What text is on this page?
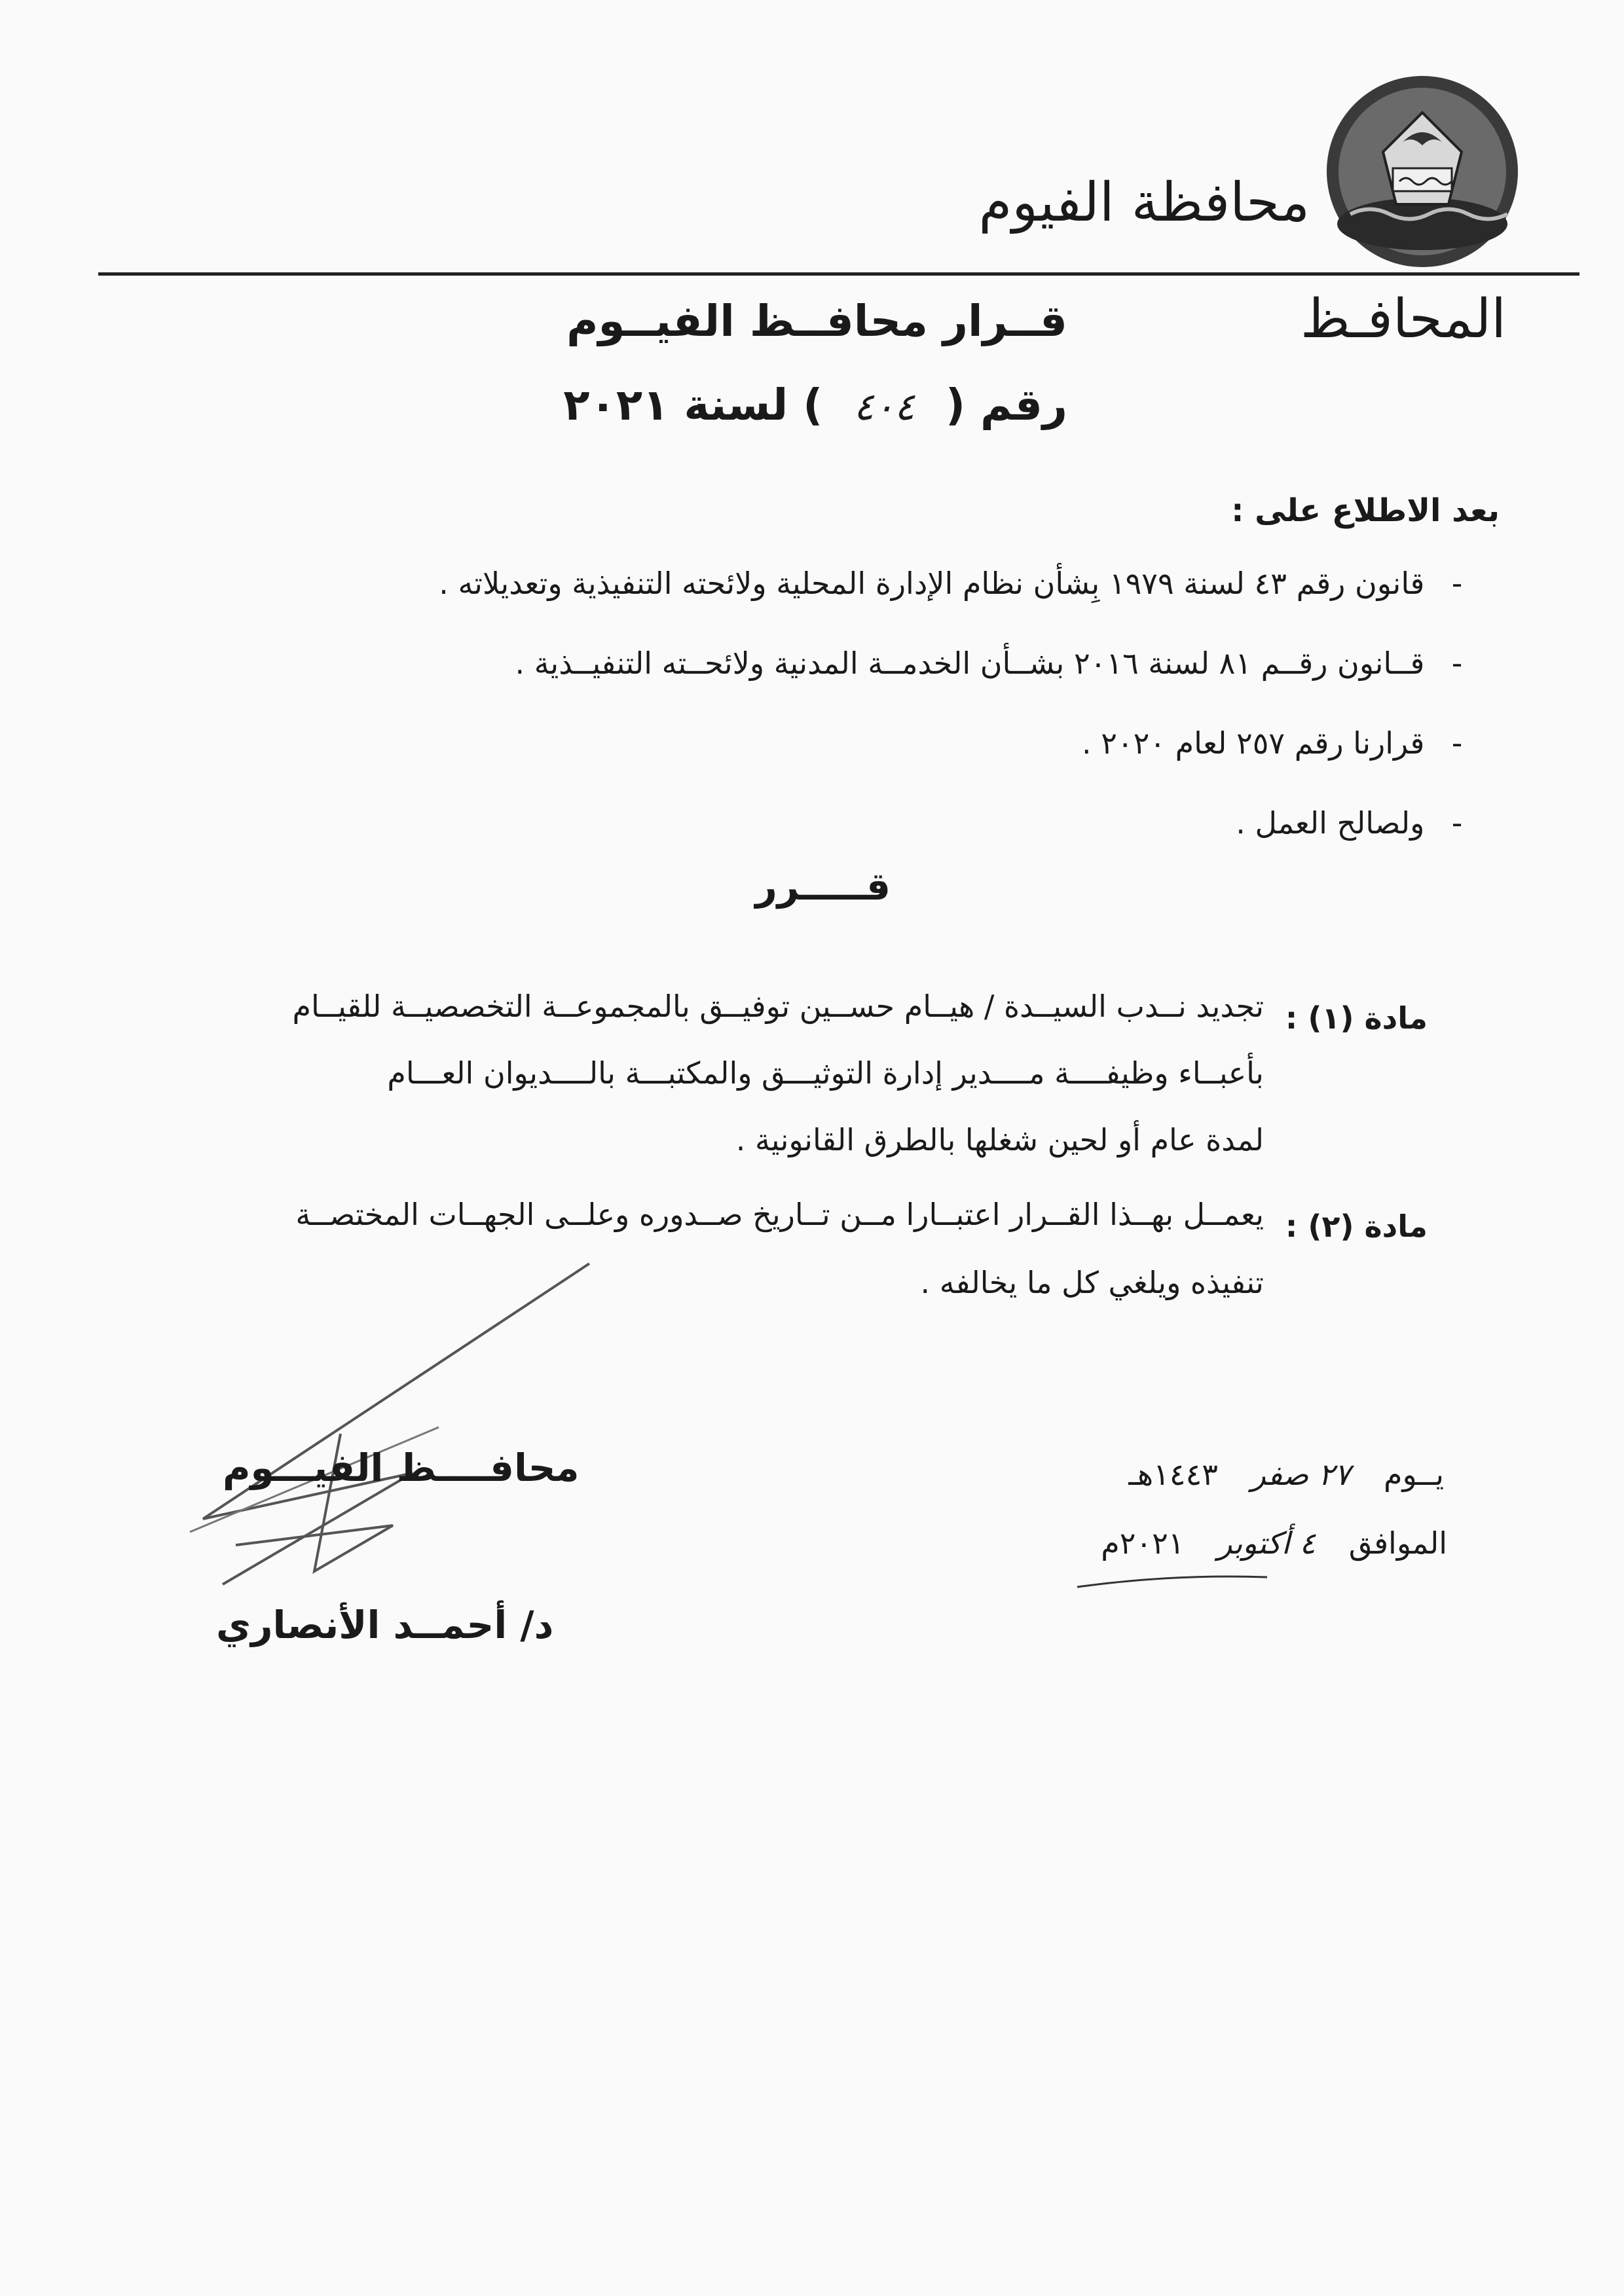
محافظة الفيوم
المحافـظ
قــرار محافــظ الفيــوم
رقم ( ٤٠٤ ) لسنة ٢٠٢١
بعد الاطلاع على :
- قانون رقم ٤٣ لسنة ١٩٧٩ بِشأن نظام الإدارة المحلية ولائحته التنفيذية وتعديلاته .
- قــانون رقــم ٨١ لسنة ٢٠١٦ بشــأن الخدمــة المدنية ولائحــته التنفيــذية .
- قرارنا رقم ٢٥٧ لعام ٢٠٢٠ .
- ولصالح العمل .
قـــــرر
مادة (١) :
تجديد نــدب السيــدة / هيــام حســين توفيــق بالمجموعــة التخصصيــة للقيــام
بأعبــاء وظيفــــة مــــدير إدارة التوثيـــق والمكتبـــة بالــــديوان العـــام
لمدة عام أو لحين شغلها بالطرق القانونية .
مادة (٢) :
يعمــل بهــذا القــرار اعتبــارا مــن تــاريخ صــدوره وعلــى الجهــات المختصــة
تنفيذه ويلغي كل ما يخالفه .
محافــــظ الفيـــوم
د/ أحمــد الأنصاري
يــوم ٢٧ صفر ١٤٤٣هـ
الموافق ٤ أكتوبر ٢٠٢١م
